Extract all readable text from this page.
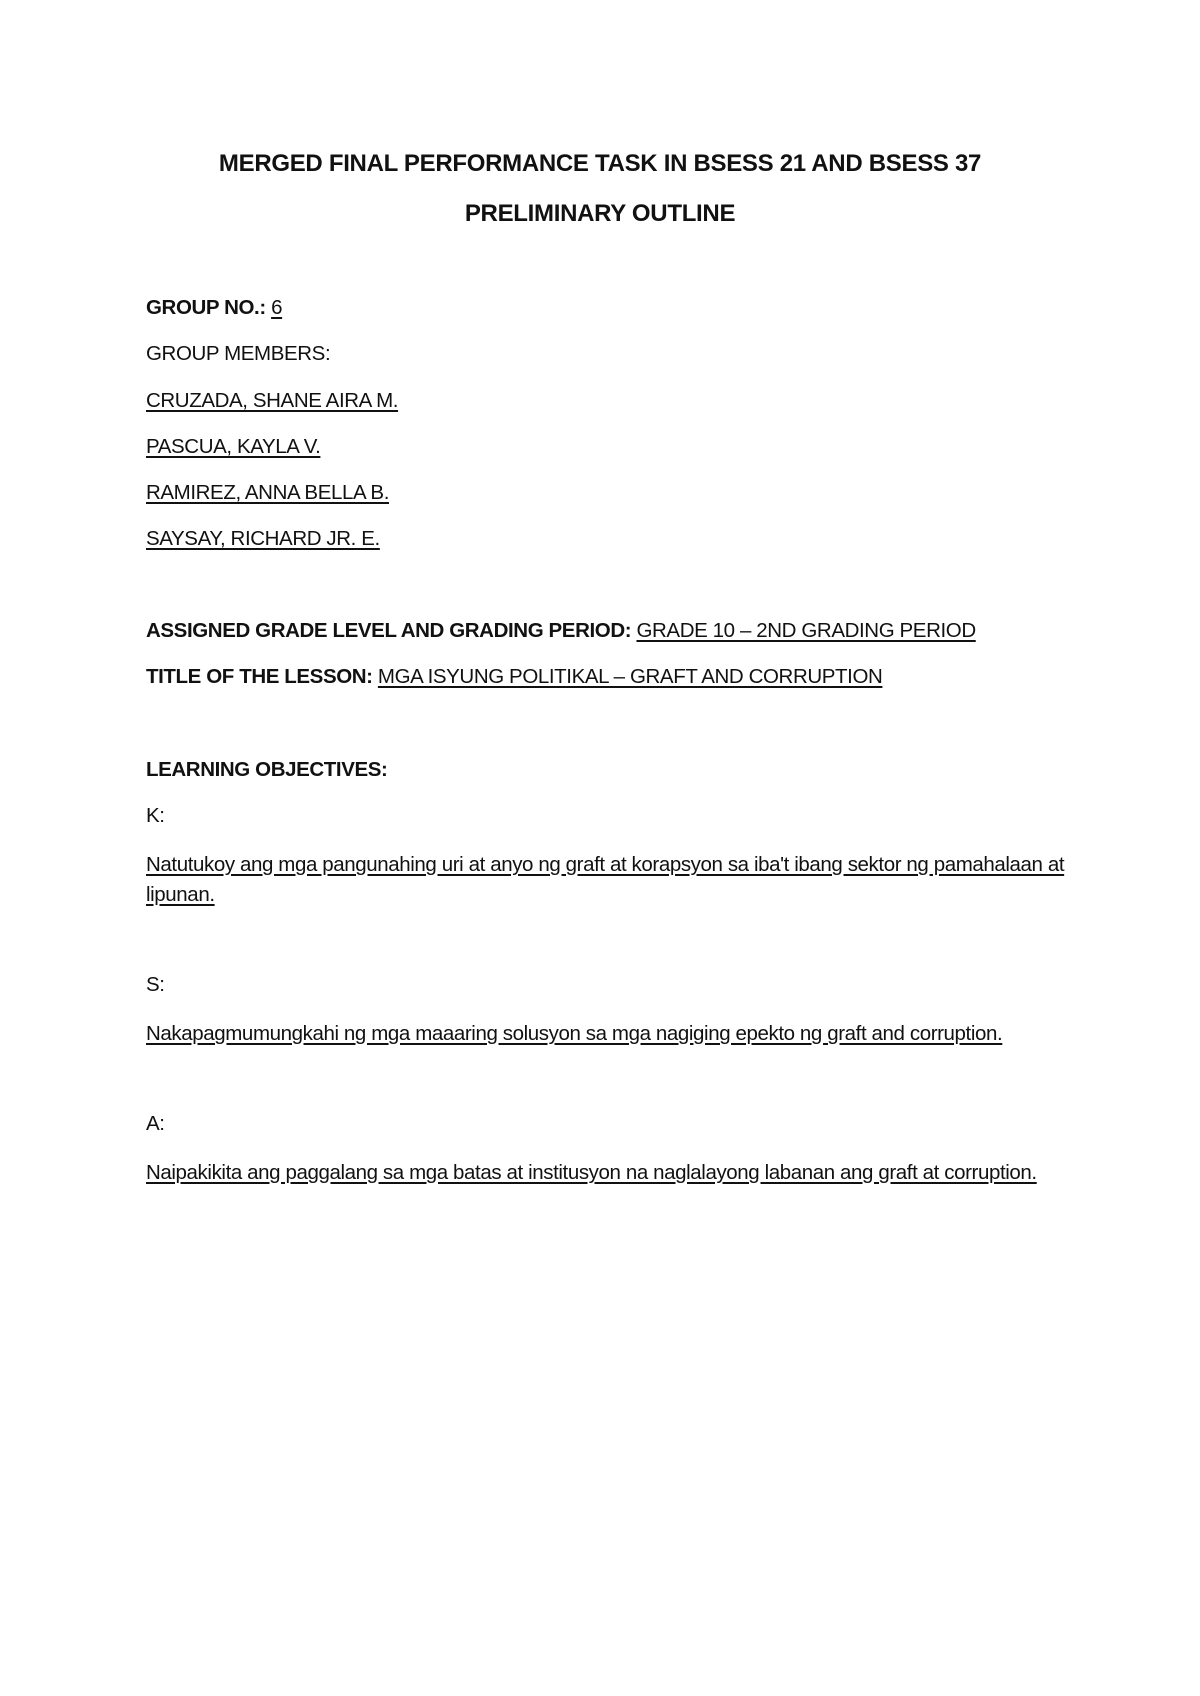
MERGED FINAL PERFORMANCE TASK IN BSESS 21 AND BSESS 37
PRELIMINARY OUTLINE
GROUP NO.: 6
GROUP MEMBERS:
CRUZADA, SHANE AIRA M.
PASCUA, KAYLA V.
RAMIREZ, ANNA BELLA B.
SAYSAY, RICHARD JR. E.
ASSIGNED GRADE LEVEL AND GRADING PERIOD: GRADE 10 – 2ND GRADING PERIOD
TITLE OF THE LESSON: MGA ISYUNG POLITIKAL – GRAFT AND CORRUPTION
LEARNING OBJECTIVES:
K:
Natutukoy ang mga pangunahing uri at anyo ng graft at korapsyon sa iba't ibang sektor ng pamahalaan at lipunan.
S:
Nakapagmumungkahi ng mga maaaring solusyon sa mga nagiging epekto ng graft and corruption.
A:
Naipakikita ang paggalang sa mga batas at institusyon na naglalayong labanan ang graft at corruption.
